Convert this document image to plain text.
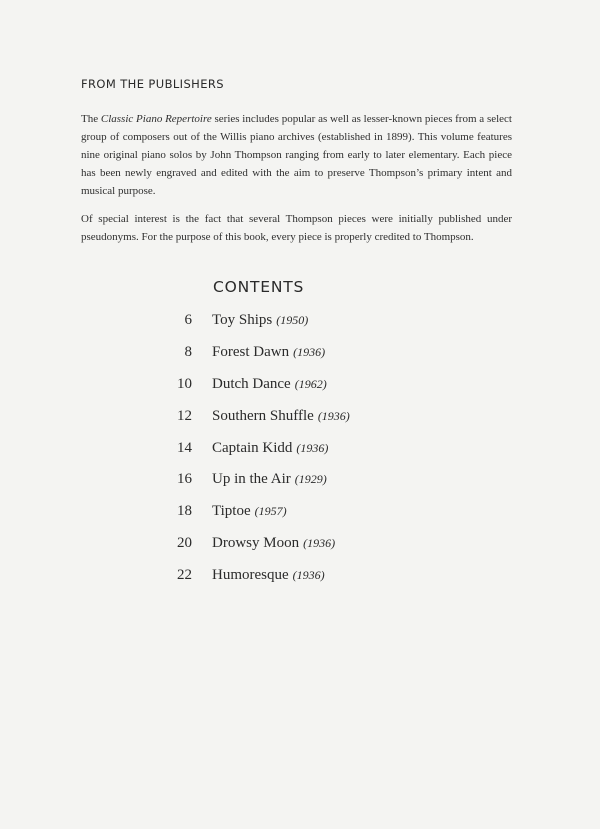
FROM THE PUBLISHERS

The Classic Piano Repertoire series includes popular as well as lesser-known pieces from a select group of composers out of the Willis piano archives (established in 1899). This volume features nine original piano solos by John Thompson ranging from early to later elementary. Each piece has been newly engraved and edited with the aim to preserve Thompson’s primary intent and musical purpose.

Of special interest is the fact that several Thompson pieces were initially published under pseudonyms. For the purpose of this book, every piece is properly credited to Thompson.

CONTENTS
6 Toy Ships (1950)
8 Forest Dawn (1936)
10 Dutch Dance (1962)
12 Southern Shuffle (1936)
14 Captain Kidd (1936)
16 Up in the Air (1929)
18 Tiptoe (1957)
20 Drowsy Moon (1936)
22 Humoresque (1936)
